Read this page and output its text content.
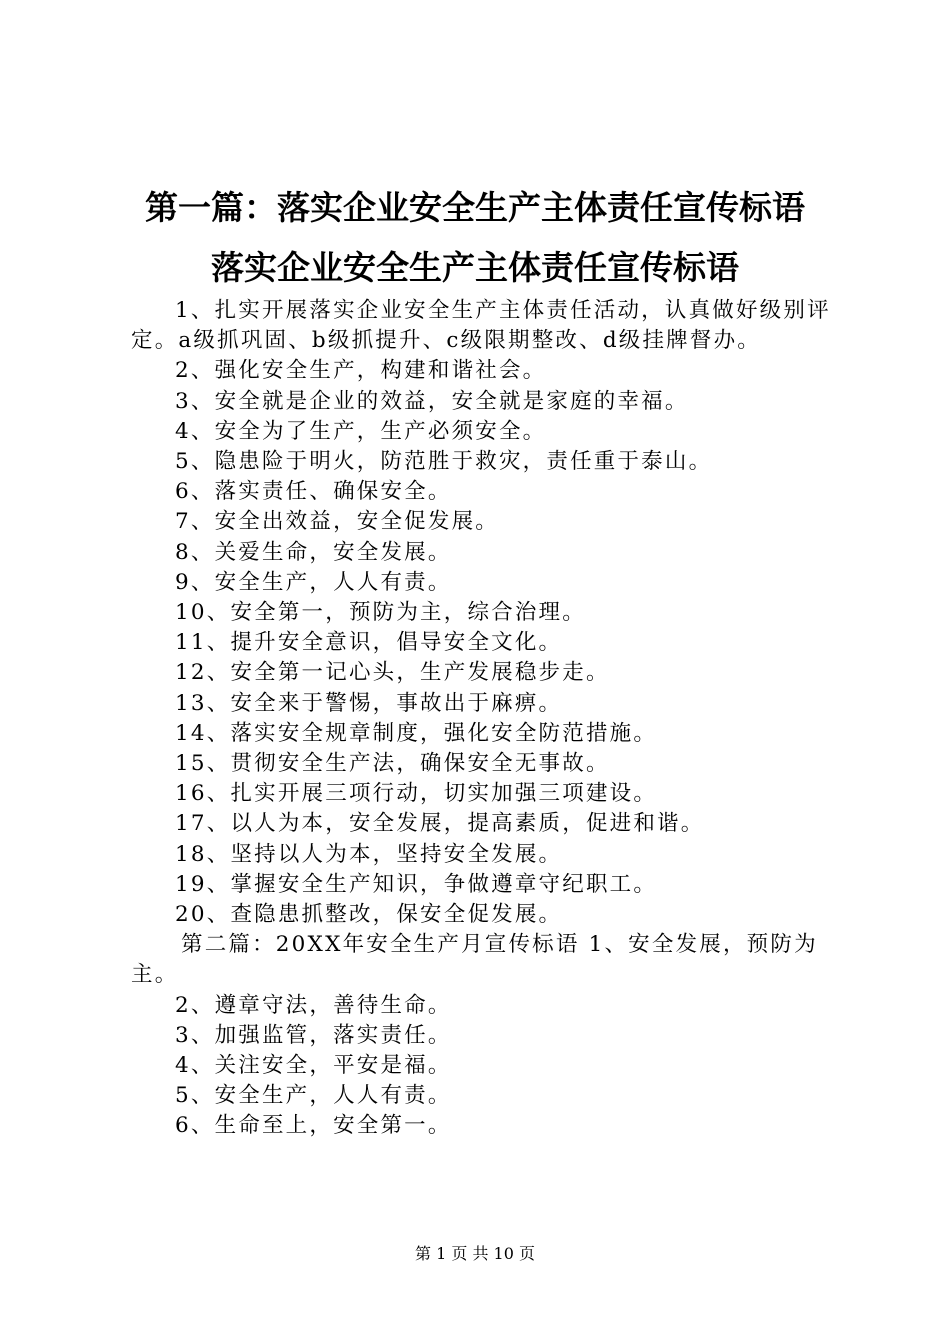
第一篇：落实企业安全生产主体责任宣传标语
落实企业安全生产主体责任宣传标语

1、扎实开展落实企业安全生产主体责任活动，认真做好级别评定。a级抓巩固、b级抓提升、c级限期整改、d级挂牌督办。

2、强化安全生产，构建和谐社会。

3、安全就是企业的效益，安全就是家庭的幸福。

4、安全为了生产，生产必须安全。

5、隐患险于明火，防范胜于救灾，责任重于泰山。

6、落实责任、确保安全。

7、安全出效益，安全促发展。

8、关爱生命，安全发展。

9、安全生产，人人有责。

10、安全第一，预防为主，综合治理。

11、提升安全意识，倡导安全文化。

12、安全第一记心头，生产发展稳步走。

13、安全来于警惕，事故出于麻痹。

14、落实安全规章制度，强化安全防范措施。

15、贯彻安全生产法，确保安全无事故。

16、扎实开展三项行动，切实加强三项建设。

17、以人为本，安全发展，提高素质，促进和谐。

18、坚持以人为本，坚持安全发展。

19、掌握安全生产知识，争做遵章守纪职工。

20、查隐患抓整改，保安全促发展。

第二篇：20XX年安全生产月宣传标语 1、安全发展，预防为主。

2、遵章守法，善待生命。

3、加强监管，落实责任。

4、关注安全，平安是福。

5、安全生产，人人有责。

6、生命至上，安全第一。

第 1 页 共 10 页
